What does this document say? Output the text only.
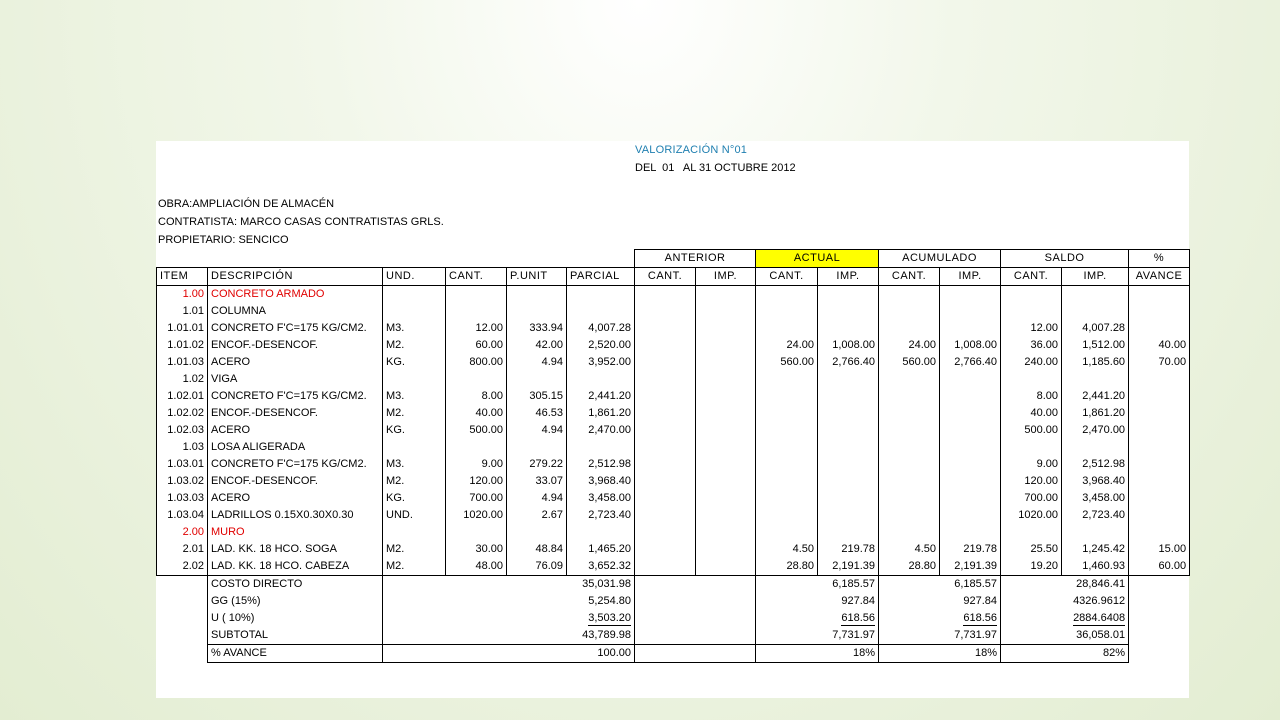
VALORIZACIÓN N°01
DEL  01   AL 31 OCTUBRE 2012
OBRA:AMPLIACIÓN DE ALMACÉN
CONTRATISTA: MARCO CASAS CONTRATISTAS GRLS.
PROPIETARIO: SENCICO
						ANTERIOR		ACTUAL		ACUMULADO		SALDO		%
ITEM	DESCRIPCIÓN	UND.	CANT.	P.UNIT	PARCIAL	CANT.	IMP.	CANT.	IMP.	CANT.	IMP.	CANT.	IMP.	AVANCE
1.00	CONCRETO ARMADO													
1.01	COLUMNA													
1.01.01	CONCRETO F'C=175 KG/CM2.	M3.	12.00	333.94	4,007.28							12.00	4,007.28	
1.01.02	ENCOF.-DESENCOF.	M2.	60.00	42.00	2,520.00			24.00	1,008.00	24.00	1,008.00	36.00	1,512.00	40.00
1.01.03	ACERO	KG.	800.00	4.94	3,952.00			560.00	2,766.40	560.00	2,766.40	240.00	1,185.60	70.00
1.02	VIGA													
1.02.01	CONCRETO F'C=175 KG/CM2.	M3.	8.00	305.15	2,441.20							8.00	2,441.20	
1.02.02	ENCOF.-DESENCOF.	M2.	40.00	46.53	1,861.20							40.00	1,861.20	
1.02.03	ACERO	KG.	500.00	4.94	2,470.00							500.00	2,470.00	
1.03	LOSA ALIGERADA													
1.03.01	CONCRETO F'C=175 KG/CM2.	M3.	9.00	279.22	2,512.98							9.00	2,512.98	
1.03.02	ENCOF.-DESENCOF.	M2.	120.00	33.07	3,968.40							120.00	3,968.40	
1.03.03	ACERO	KG.	700.00	4.94	3,458.00							700.00	3,458.00	
1.03.04	LADRILLOS 0.15X0.30X0.30	UND.	1020.00	2.67	2,723.40							1020.00	2,723.40	
2.00	MURO													
2.01	LAD. KK. 18 HCO. SOGA	M2.	30.00	48.84	1,465.20			4.50	219.78	4.50	219.78	25.50	1,245.42	15.00
2.02	LAD. KK. 18 HCO. CABEZA	M2.	48.00	76.09	3,652.32			28.80	2,191.39	28.80	2,191.39	19.20	1,460.93	60.00
	COSTO DIRECTO	35,031.98						6,185.57		6,185.57		28,846.41		
	GG (15%)	5,254.80						927.84		927.84		4326.9612		
	U ( 10%)	3,503.20						618.56		618.56		2884.6408		
	SUBTOTAL	43,789.98						7,731.97		7,731.97		36,058.01		
	% AVANCE	100.00						18%		18%		82%		
